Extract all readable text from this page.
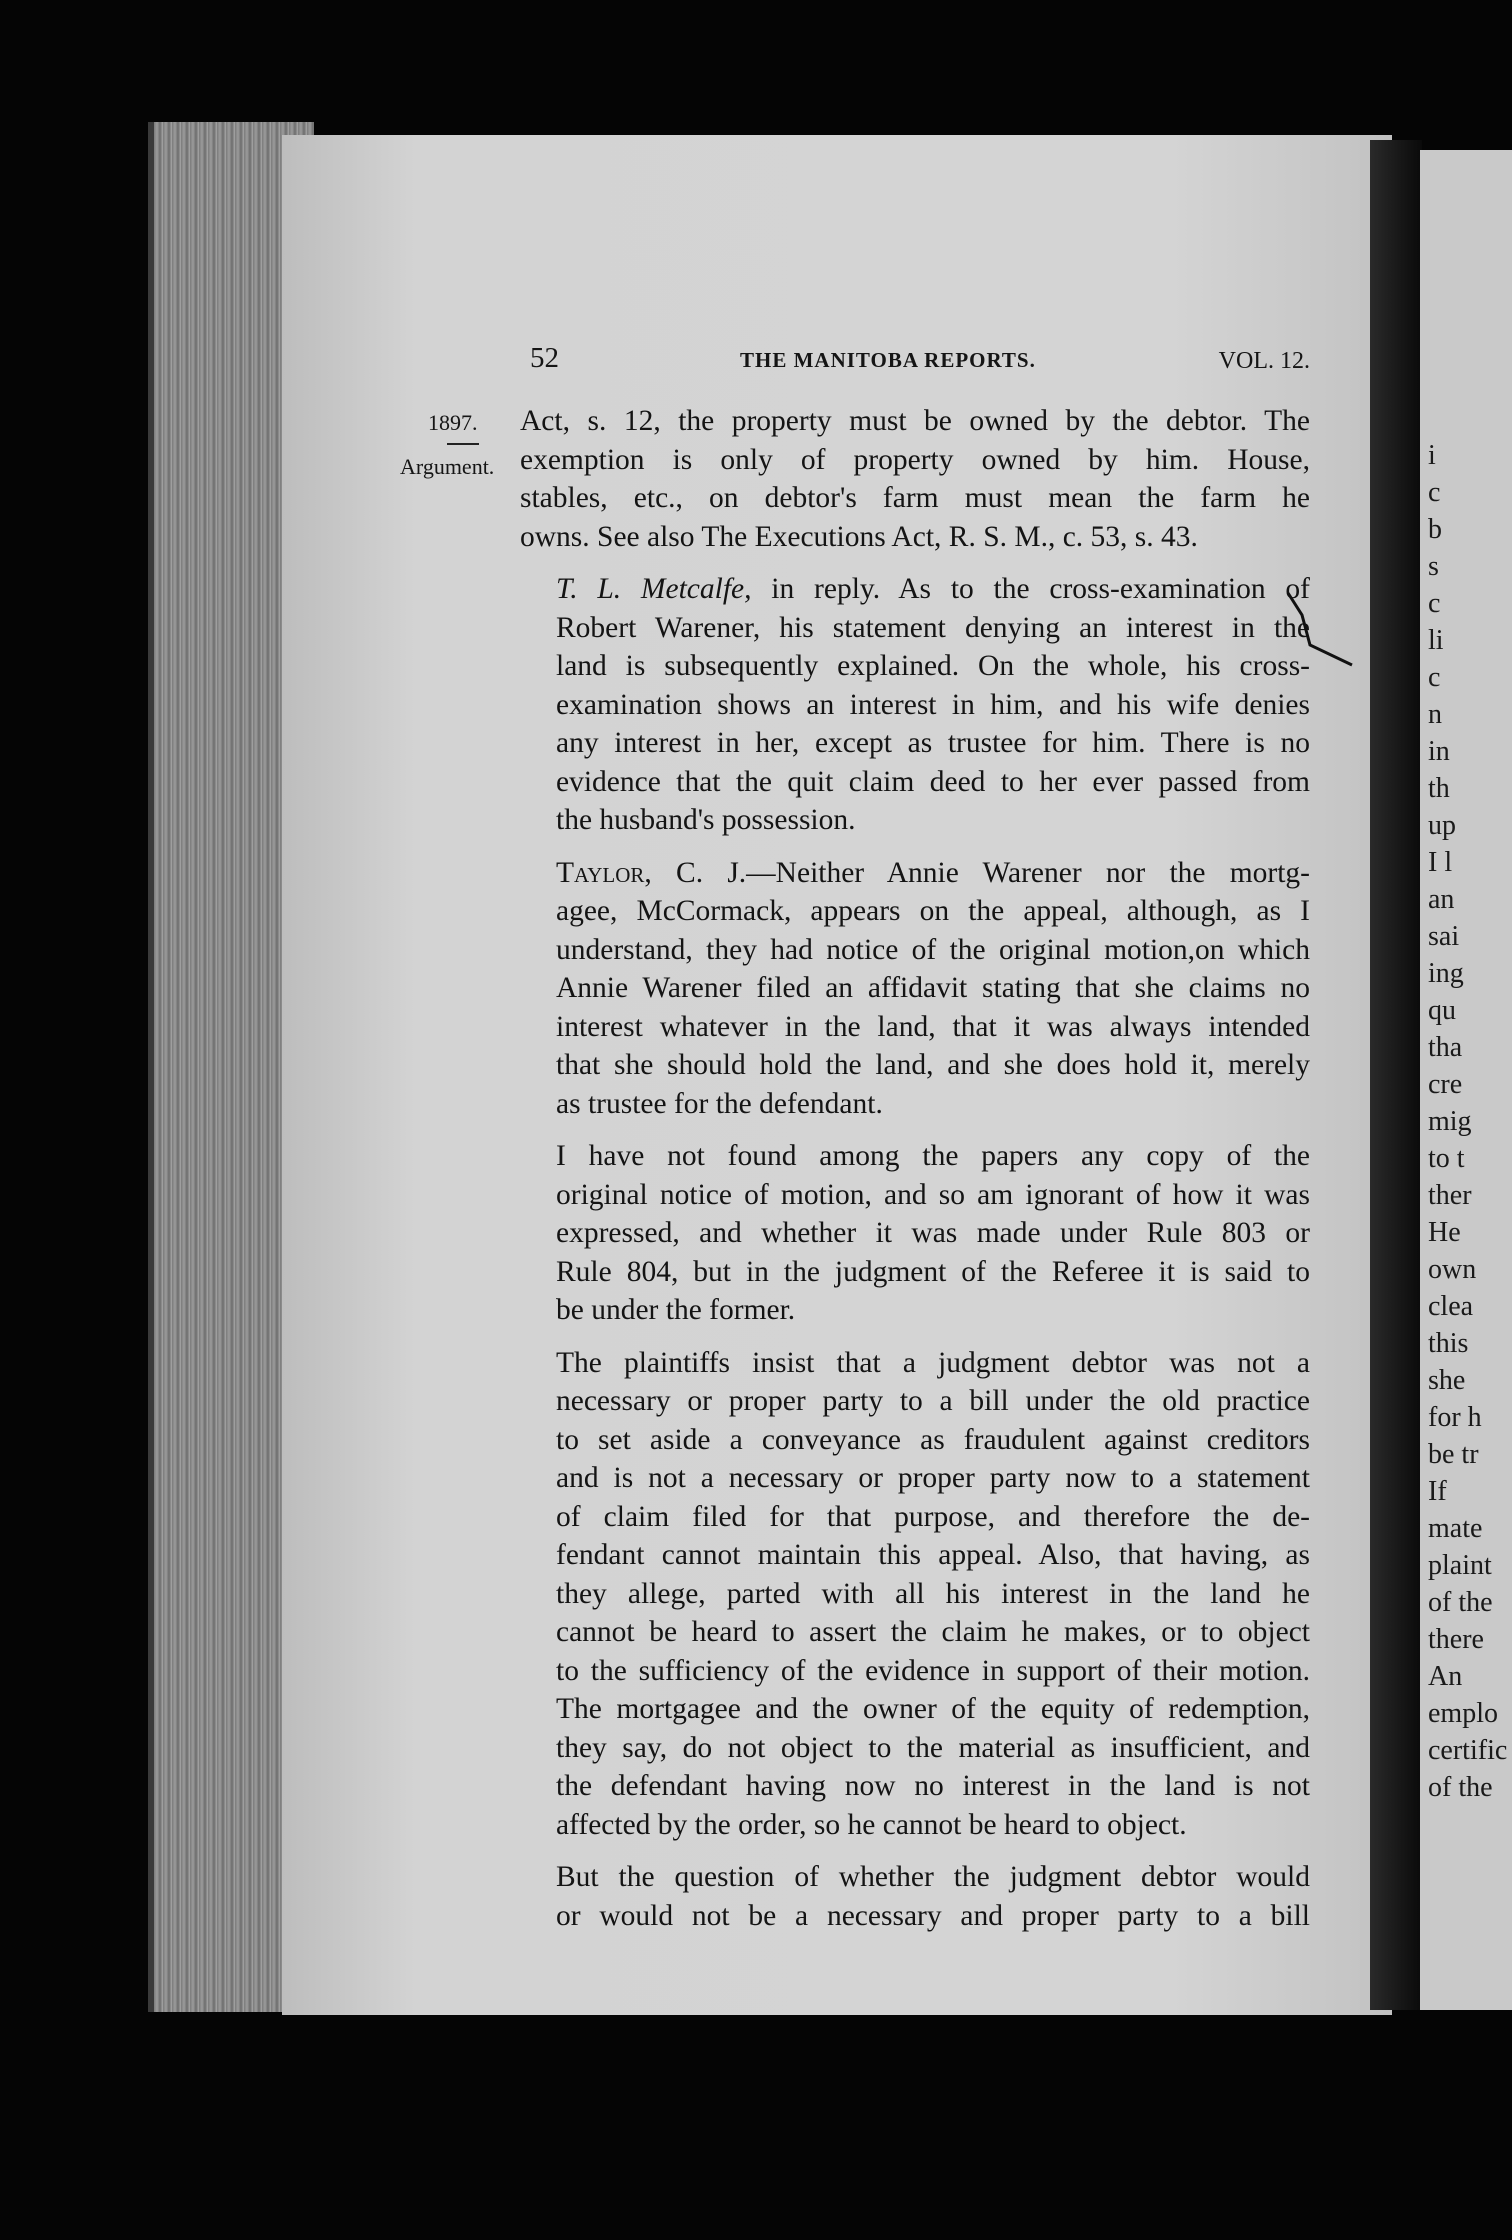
i
c
b
s
c
li
c
n
in
th
up
I l
an
sai
ing
qu
tha
cre
mig
to t
ther
He
own
clea
this
she
for h
be tr
If
mate
plaint
of the
there
An
emplo
certific
of the
52	THE MANITOBA REPORTS.	VOL. 12.
1897.
Argument.
Act, s. 12, the property must be owned by the debtor. The
exemption is only of property owned by him. House,
stables, etc., on debtor's farm must mean the farm he
owns. See also The Executions Act, R. S. M., c. 53, s. 43.
T. L. Metcalfe, in reply. As to the cross-examination of
Robert Warener, his statement denying an interest in the
land is subsequently explained. On the whole, his cross-
examination shows an interest in him, and his wife denies
any interest in her, except as trustee for him. There is no
evidence that the quit claim deed to her ever passed from
the husband's possession.
Taylor, C. J.—Neither Annie Warener nor the mortg-
agee, McCormack, appears on the appeal, although, as I
understand, they had notice of the original motion,on which
Annie Warener filed an affidavit stating that she claims no
interest whatever in the land, that it was always intended
that she should hold the land, and she does hold it, merely
as trustee for the defendant.
I have not found among the papers any copy of the
original notice of motion, and so am ignorant of how it was
expressed, and whether it was made under Rule 803 or
Rule 804, but in the judgment of the Referee it is said to
be under the former.
The plaintiffs insist that a judgment debtor was not a
necessary or proper party to a bill under the old practice
to set aside a conveyance as fraudulent against creditors
and is not a necessary or proper party now to a statement
of claim filed for that purpose, and therefore the de-
fendant cannot maintain this appeal. Also, that having, as
they allege, parted with all his interest in the land he
cannot be heard to assert the claim he makes, or to object
to the sufficiency of the evidence in support of their motion.
The mortgagee and the owner of the equity of redemption,
they say, do not object to the material as insufficient, and
the defendant having now no interest in the land is not
affected by the order, so he cannot be heard to object.
But the question of whether the judgment debtor would
or would not be a necessary and proper party to a bill
